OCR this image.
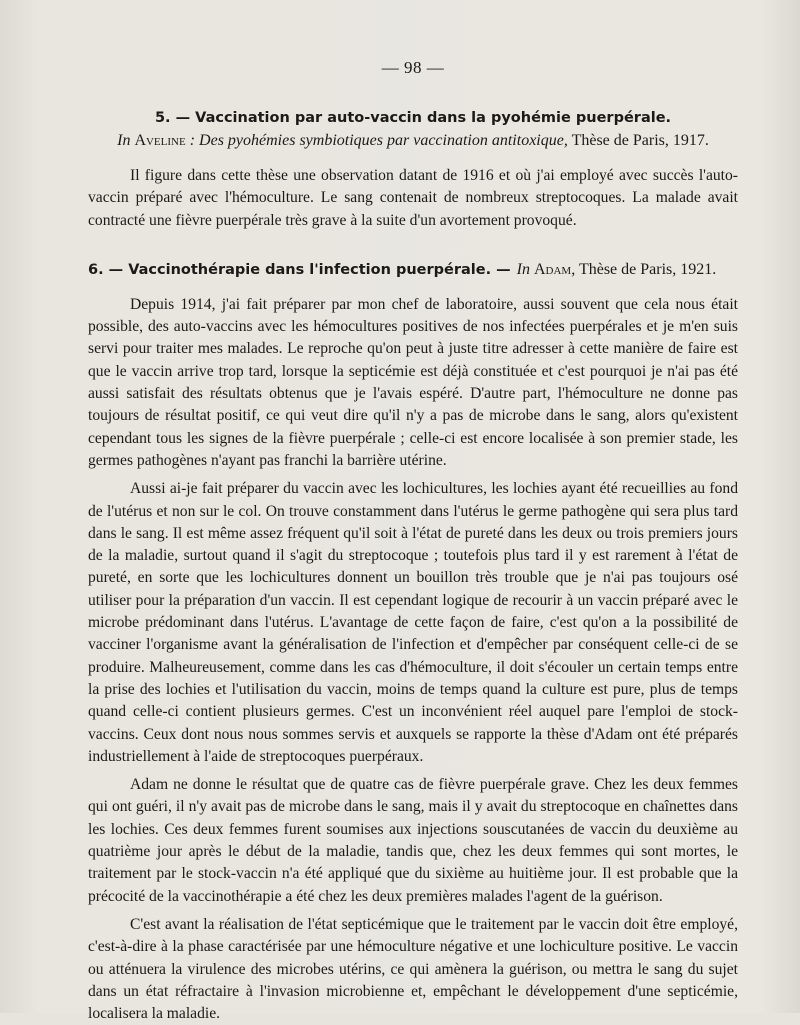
— 98 —
5. — Vaccination par auto-vaccin dans la pyohémie puerpérale.
In Aveline : Des pyohémies symbiotiques par vaccination antitoxique, Thèse de Paris, 1917.

Il figure dans cette thèse une observation datant de 1916 et où j'ai employé avec succès l'auto-vaccin préparé avec l'hémoculture. Le sang contenait de nombreux streptocoques. La malade avait contracté une fièvre puerpérale très grave à la suite d'un avortement provoqué.

6. — Vaccinothérapie dans l'infection puerpérale. — In Adam, Thèse de Paris, 1921.

Depuis 1914, j'ai fait préparer par mon chef de laboratoire, aussi souvent que cela nous était possible, des auto-vaccins avec les hémocultures positives de nos infectées puerpérales et je m'en suis servi pour traiter mes malades. Le reproche qu'on peut à juste titre adresser à cette manière de faire est que le vaccin arrive trop tard, lorsque la septicémie est déjà constituée et c'est pourquoi je n'ai pas été aussi satisfait des résultats obtenus que je l'avais espéré. D'autre part, l'hémoculture ne donne pas toujours de résultat positif, ce qui veut dire qu'il n'y a pas de microbe dans le sang, alors qu'existent cependant tous les signes de la fièvre puerpérale ; celle-ci est encore localisée à son premier stade, les germes pathogènes n'ayant pas franchi la barrière utérine.

Aussi ai-je fait préparer du vaccin avec les lochicultures, les lochies ayant été recueillies au fond de l'utérus et non sur le col. On trouve constamment dans l'utérus le germe pathogène qui sera plus tard dans le sang. Il est même assez fréquent qu'il soit à l'état de pureté dans les deux ou trois premiers jours de la maladie, surtout quand il s'agit du streptocoque ; toutefois plus tard il y est rarement à l'état de pureté, en sorte que les lochicultures donnent un bouillon très trouble que je n'ai pas toujours osé utiliser pour la préparation d'un vaccin. Il est cependant logique de recourir à un vaccin préparé avec le microbe prédominant dans l'utérus. L'avantage de cette façon de faire, c'est qu'on a la possibilité de vacciner l'organisme avant la généralisation de l'infection et d'empêcher par conséquent celle-ci de se produire. Malheureusement, comme dans les cas d'hémoculture, il doit s'écouler un certain temps entre la prise des lochies et l'utilisation du vaccin, moins de temps quand la culture est pure, plus de temps quand celle-ci contient plusieurs germes. C'est un inconvénient réel auquel pare l'emploi de stock-vaccins. Ceux dont nous nous sommes servis et auxquels se rapporte la thèse d'Adam ont été préparés industriellement à l'aide de streptocoques puerpéraux.

Adam ne donne le résultat que de quatre cas de fièvre puerpérale grave. Chez les deux femmes qui ont guéri, il n'y avait pas de microbe dans le sang, mais il y avait du streptocoque en chaînettes dans les lochies. Ces deux femmes furent soumises aux injections souscutanées de vaccin du deuxième au quatrième jour après le début de la maladie, tandis que, chez les deux femmes qui sont mortes, le traitement par le stock-vaccin n'a été appliqué que du sixième au huitième jour. Il est probable que la précocité de la vaccinothérapie a été chez les deux premières malades l'agent de la guérison.

C'est avant la réalisation de l'état septicémique que le traitement par le vaccin doit être employé, c'est-à-dire à la phase caractérisée par une hémoculture négative et une lochiculture positive. Le vaccin ou atténuera la virulence des microbes utérins, ce qui amènera la guérison, ou mettra le sang du sujet dans un état réfractaire à l'invasion microbienne et, empêchant le développement d'une septicémie, localisera la maladie.
